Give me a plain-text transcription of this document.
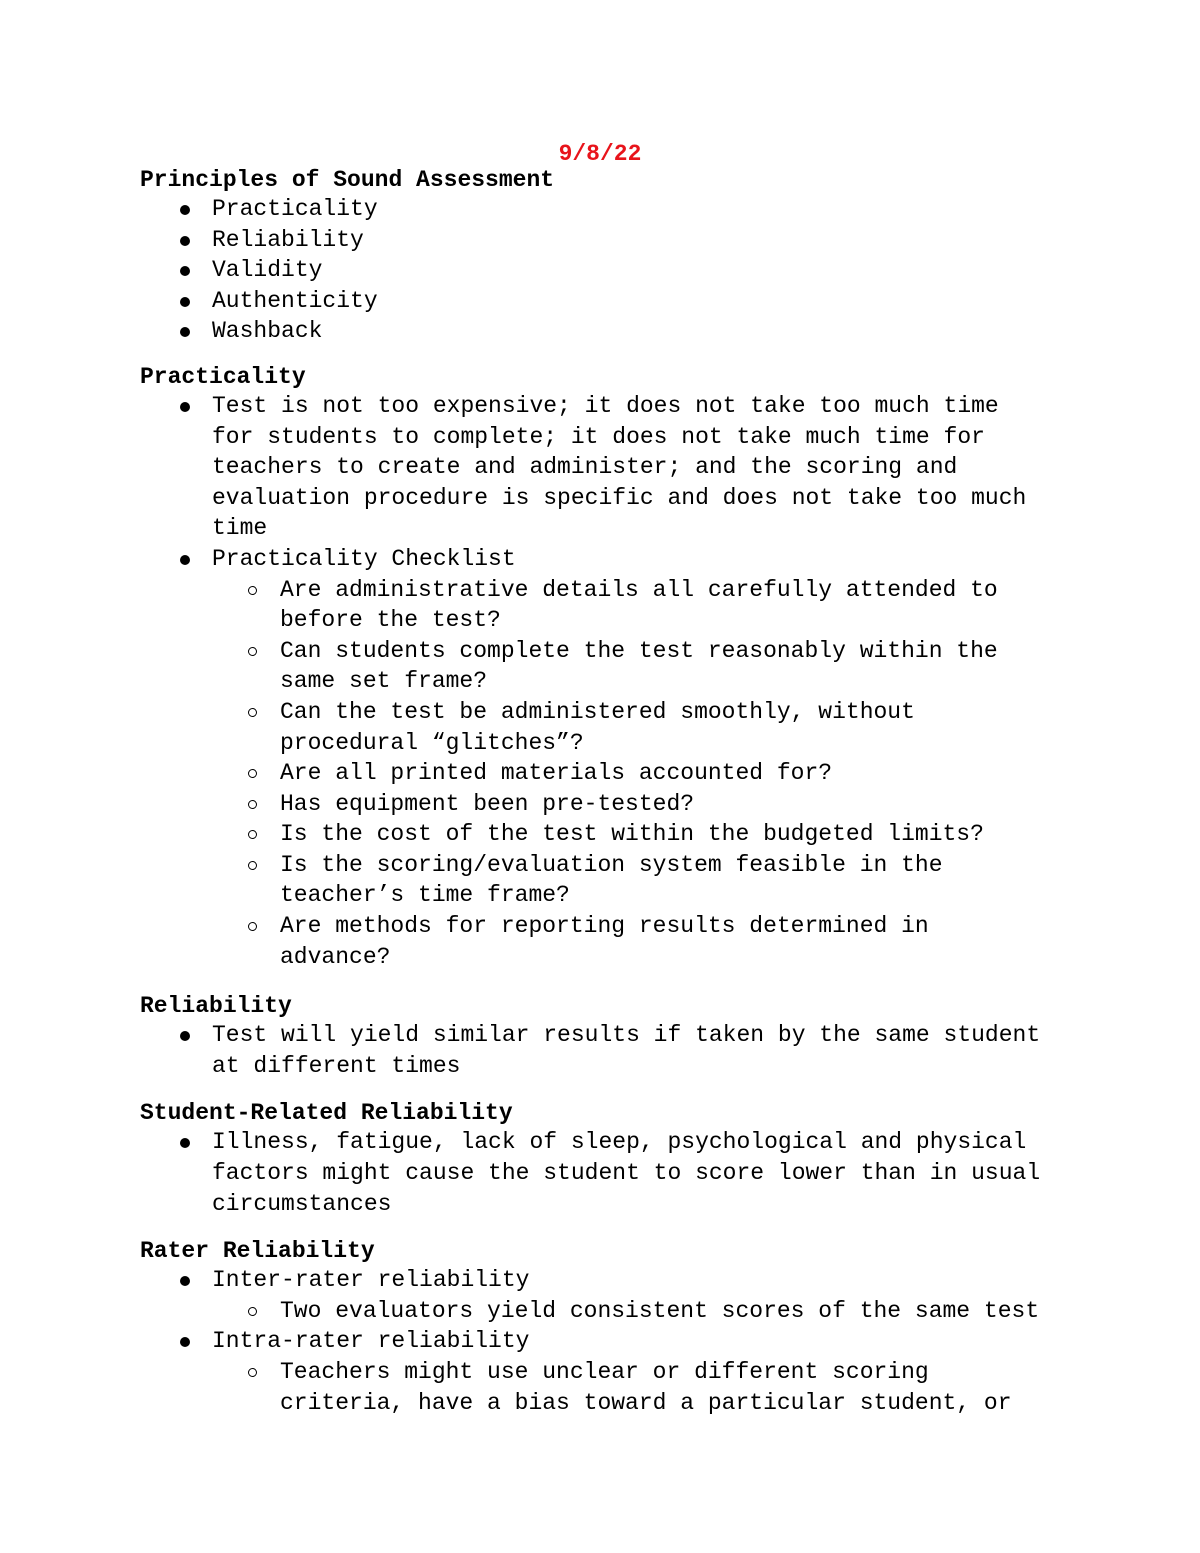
9/8/22
Principles of Sound Assessment
Practicality
Reliability
Validity
Authenticity
Washback
Practicality
Test is not too expensive; it does not take too much time
for students to complete; it does not take much time for
teachers to create and administer; and the scoring and
evaluation procedure is specific and does not take too much
time
Practicality Checklist
Are administrative details all carefully attended to
before the test?
Can students complete the test reasonably within the
same set frame?
Can the test be administered smoothly, without
procedural “glitches”?
Are all printed materials accounted for?
Has equipment been pre-tested?
Is the cost of the test within the budgeted limits?
Is the scoring/evaluation system feasible in the
teacher’s time frame?
Are methods for reporting results determined in
advance?
Reliability
Test will yield similar results if taken by the same student
at different times
Student-Related Reliability
Illness, fatigue, lack of sleep, psychological and physical
factors might cause the student to score lower than in usual
circumstances
Rater Reliability
Inter-rater reliability
Two evaluators yield consistent scores of the same test
Intra-rater reliability
Teachers might use unclear or different scoring
criteria, have a bias toward a particular student, or
